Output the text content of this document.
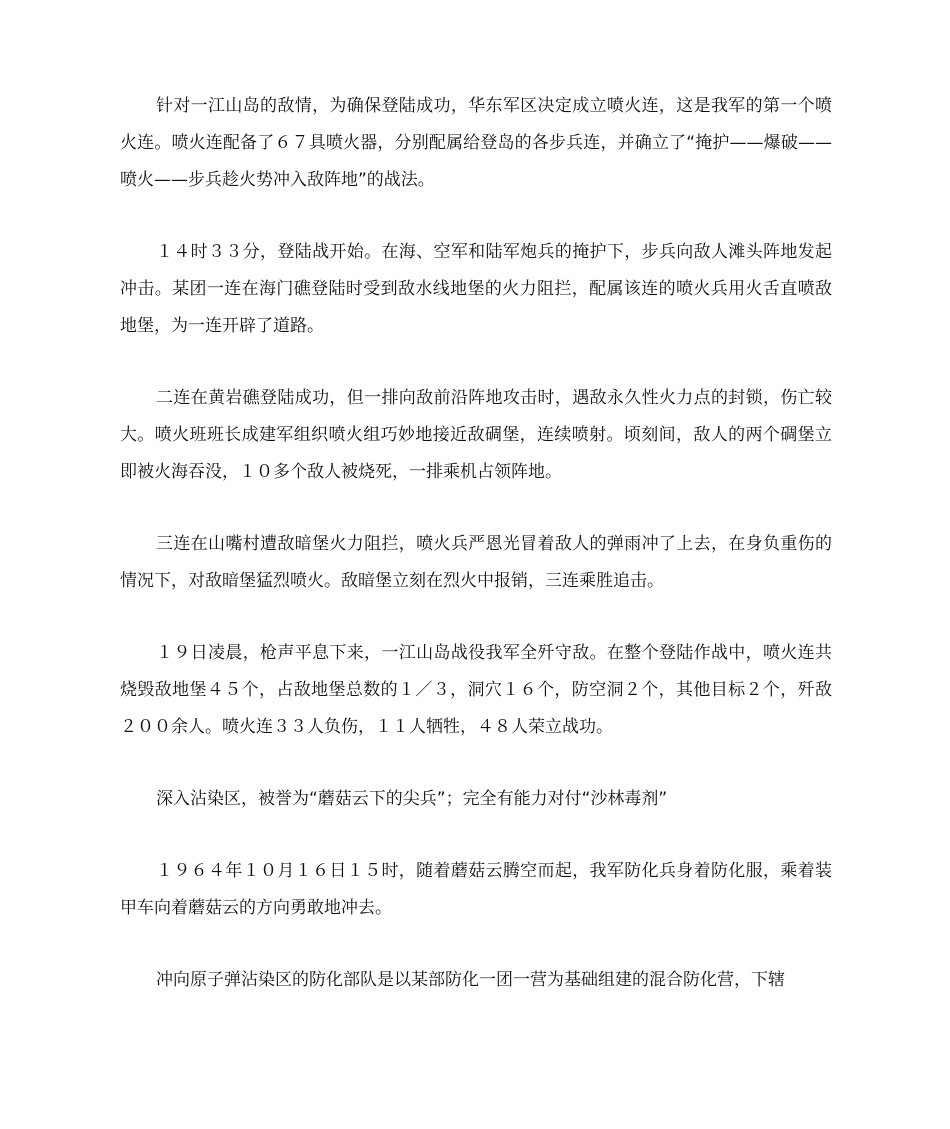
针对一江山岛的敌情，为确保登陆成功，华东军区决定成立喷火连，这是我军的第一个喷火连。喷火连配备了６７具喷火器，分别配属给登岛的各步兵连，并确立了“掩护——爆破——喷火——步兵趁火势冲入敌阵地”的战法。

１４时３３分，登陆战开始。在海、空军和陆军炮兵的掩护下，步兵向敌人滩头阵地发起冲击。某团一连在海门礁登陆时受到敌水线地堡的火力阻拦，配属该连的喷火兵用火舌直喷敌地堡，为一连开辟了道路。

二连在黄岩礁登陆成功，但一排向敌前沿阵地攻击时，遇敌永久性火力点的封锁，伤亡较大。喷火班班长成建军组织喷火组巧妙地接近敌碉堡，连续喷射。顷刻间，敌人的两个碉堡立即被火海吞没，１０多个敌人被烧死，一排乘机占领阵地。

三连在山嘴村遭敌暗堡火力阻拦，喷火兵严恩光冒着敌人的弹雨冲了上去，在身负重伤的情况下，对敌暗堡猛烈喷火。敌暗堡立刻在烈火中报销，三连乘胜追击。

１９日凌晨，枪声平息下来，一江山岛战役我军全歼守敌。在整个登陆作战中，喷火连共烧毁敌地堡４５个，占敌地堡总数的１／３，洞穴１６个，防空洞２个，其他目标２个，歼敌２００余人。喷火连３３人负伤，１１人牺牲，４８人荣立战功。

深入沾染区，被誉为“蘑菇云下的尖兵”；完全有能力对付“沙林毒剂”

１９６４年１０月１６日１５时，随着蘑菇云腾空而起，我军防化兵身着防化服，乘着装甲车向着蘑菇云的方向勇敢地冲去。

冲向原子弹沾染区的防化部队是以某部防化一团一营为基础组建的混合防化营，下辖
